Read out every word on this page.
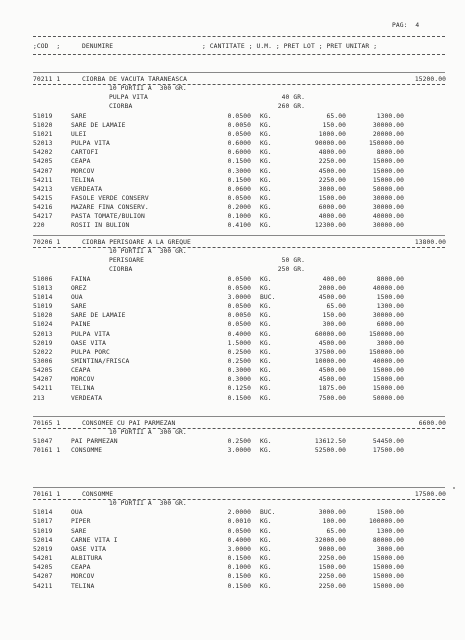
PAG:  4
;COD  ;	DENUMIRE	; CANTITATE ; U.M. ; PRET LOT ; PRET UNITAR ;
70211 1	CIORBA DE VACUTA TARANEASCA	15200.00
10 PORTII A  300 GR.
PULPA VITA	40 GR.
CIORBA	260 GR.
51019	SARE	0.0500 KG.	65.00	1300.00
51020	SARE DE LAMAIE	0.0050 KG.	150.00	30000.00
51021	ULEI	0.0500 KG.	1000.00	20000.00
52013	PULPA VITA	0.6000 KG.	90000.00	150000.00
54202	CARTOFI	0.6000 KG.	4800.00	8000.00
54205	CEAPA	0.1500 KG.	2250.00	15000.00
54207	MORCOV	0.3000 KG.	4500.00	15000.00
54211	TELINA	0.1500 KG.	2250.00	15000.00
54213	VERDEATA	0.0600 KG.	3000.00	50000.00
54215	FASOLE VERDE CONSERV	0.0500 KG.	1500.00	30000.00
54216	MAZARE FINA CONSERV.	0.2000 KG.	6000.00	30000.00
54217	PASTA TOMATE/BULION	0.1000 KG.	4000.00	40000.00
220	ROSII IN BULION	0.4100 KG.	12300.00	30000.00
70206 1	CIORBA PERISOARE A LA GREQUE	13800.00
10 PORTII A  300 GR.
PERISOARE	50 GR.
CIORBA	250 GR.
51006	FAINA	0.0500 KG.	400.00	8000.00
51013	OREZ	0.0500 KG.	2000.00	40000.00
51014	OUA	3.0000 BUC.	4500.00	1500.00
51019	SARE	0.0500 KG.	65.00	1300.00
51020	SARE DE LAMAIE	0.0050 KG.	150.00	30000.00
51024	PAINE	0.0500 KG.	300.00	6000.00
52013	PULPA VITA	0.4000 KG.	60000.00	150000.00
52019	OASE VITA	1.5000 KG.	4500.00	3000.00
52022	PULPA PORC	0.2500 KG.	37500.00	150000.00
53006	SMINTINA/FRISCA	0.2500 KG.	10000.00	40000.00
54205	CEAPA	0.3000 KG.	4500.00	15000.00
54207	MORCOV	0.3000 KG.	4500.00	15000.00
54211	TELINA	0.1250 KG.	1875.00	15000.00
213	VERDEATA	0.1500 KG.	7500.00	50000.00
70165 1	CONSOMEE CU PAI PARMEZAN	6600.00
10 PORTII A  300 GR.
51047	PAI PARMEZAN	0.2500 KG.	13612.50	54450.00
70161 1 CONSOMME	3.0000 KG.	52500.00	17500.00
70161 1	CONSOMME	17500.00
10 PORTII A  300 GR.
51014	OUA	2.0000 BUC.	3000.00	1500.00
51017	PIPER	0.0010 KG.	100.00	100000.00
51019	SARE	0.0500 KG.	65.00	1300.00
52014	CARNE VITA I	0.4000 KG.	32000.00	80000.00
52019	OASE VITA	3.0000 KG.	9000.00	3000.00
54201	ALBITURA	0.1500 KG.	2250.00	15000.00
54205	CEAPA	0.1000 KG.	1500.00	15000.00
54207	MORCOV	0.1500 KG.	2250.00	15000.00
54211	TELINA	0.1500 KG.	2250.00	15000.00
